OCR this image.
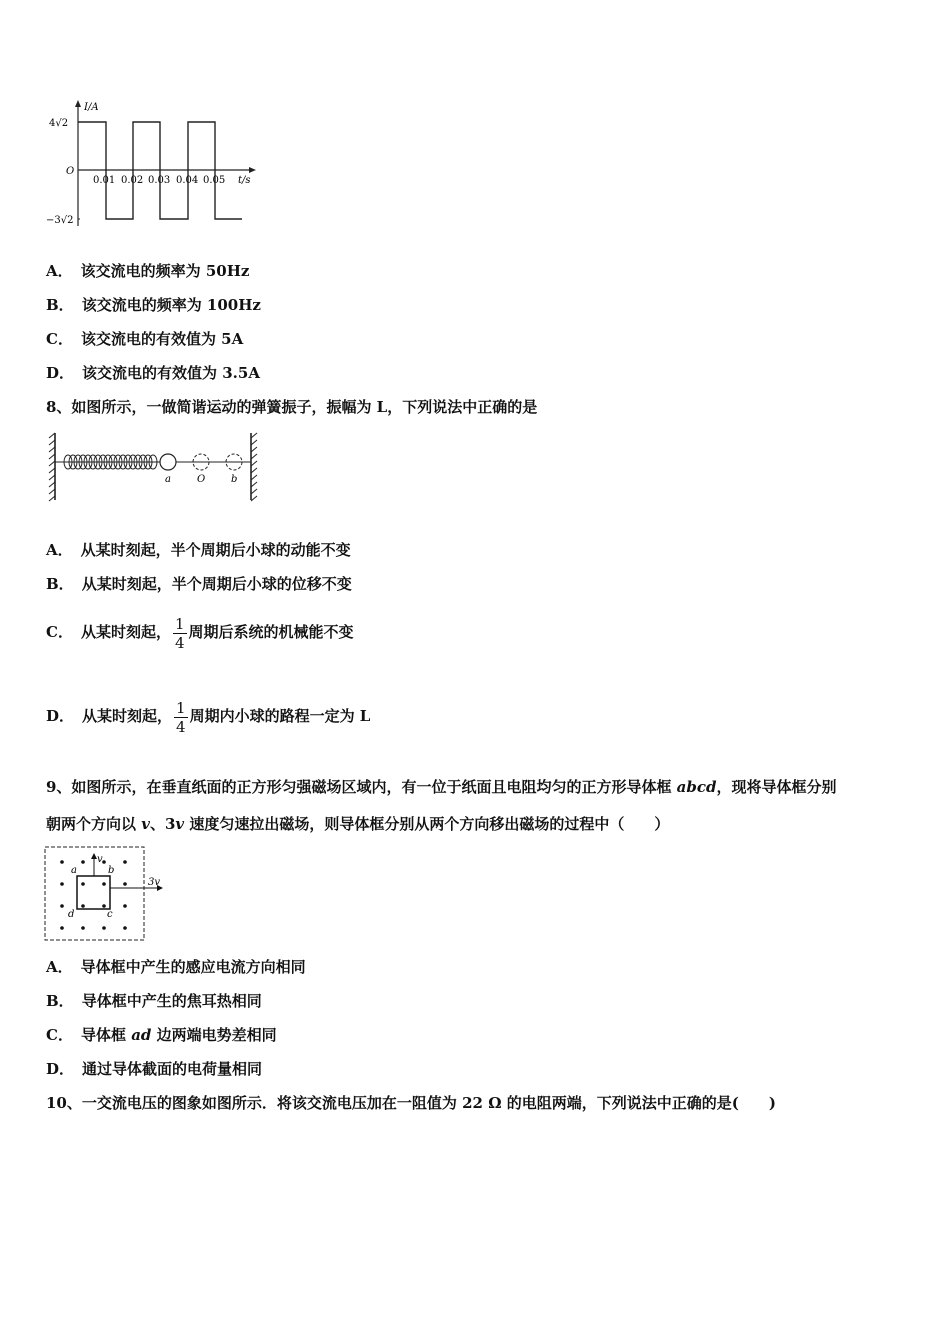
I/A
4√2
O
−3√2
0.01 0.02 0.03 0.04 0.05 t/s
A． 该交流电的频率为 50Hz
B． 该交流电的频率为 100Hz
C． 该交流电的有效值为 5A
D． 该交流电的有效值为 3.5A
8、如图所示，一做简谐运动的弹簧振子，振幅为 L，下列说法中正确的是
a	O	b
A． 从某时刻起，半个周期后小球的动能不变
B． 从某时刻起，半个周期后小球的位移不变
C． 从某时刻起， $\frac{1}{4}$ 周期后系统的机械能不变
D． 从某时刻起， $\frac{1}{4}$ 周期内小球的路程一定为 L
9、如图所示，在垂直纸面的正方形匀强磁场区域内，有一位于纸面且电阻均匀的正方形导体框 abcd，现将导体框分别
朝两个方向以 v、3v 速度匀速拉出磁场，则导体框分别从两个方向移出磁场的过程中（　　）
v
3v
a	b
d	c
A． 导体框中产生的感应电流方向相同
B． 导体框中产生的焦耳热相同
C． 导体框 ad 边两端电势差相同
D． 通过导体截面的电荷量相同
10、一交流电压的图象如图所示．将该交流电压加在一阻值为 22 Ω 的电阻两端，下列说法中正确的是(　　)
